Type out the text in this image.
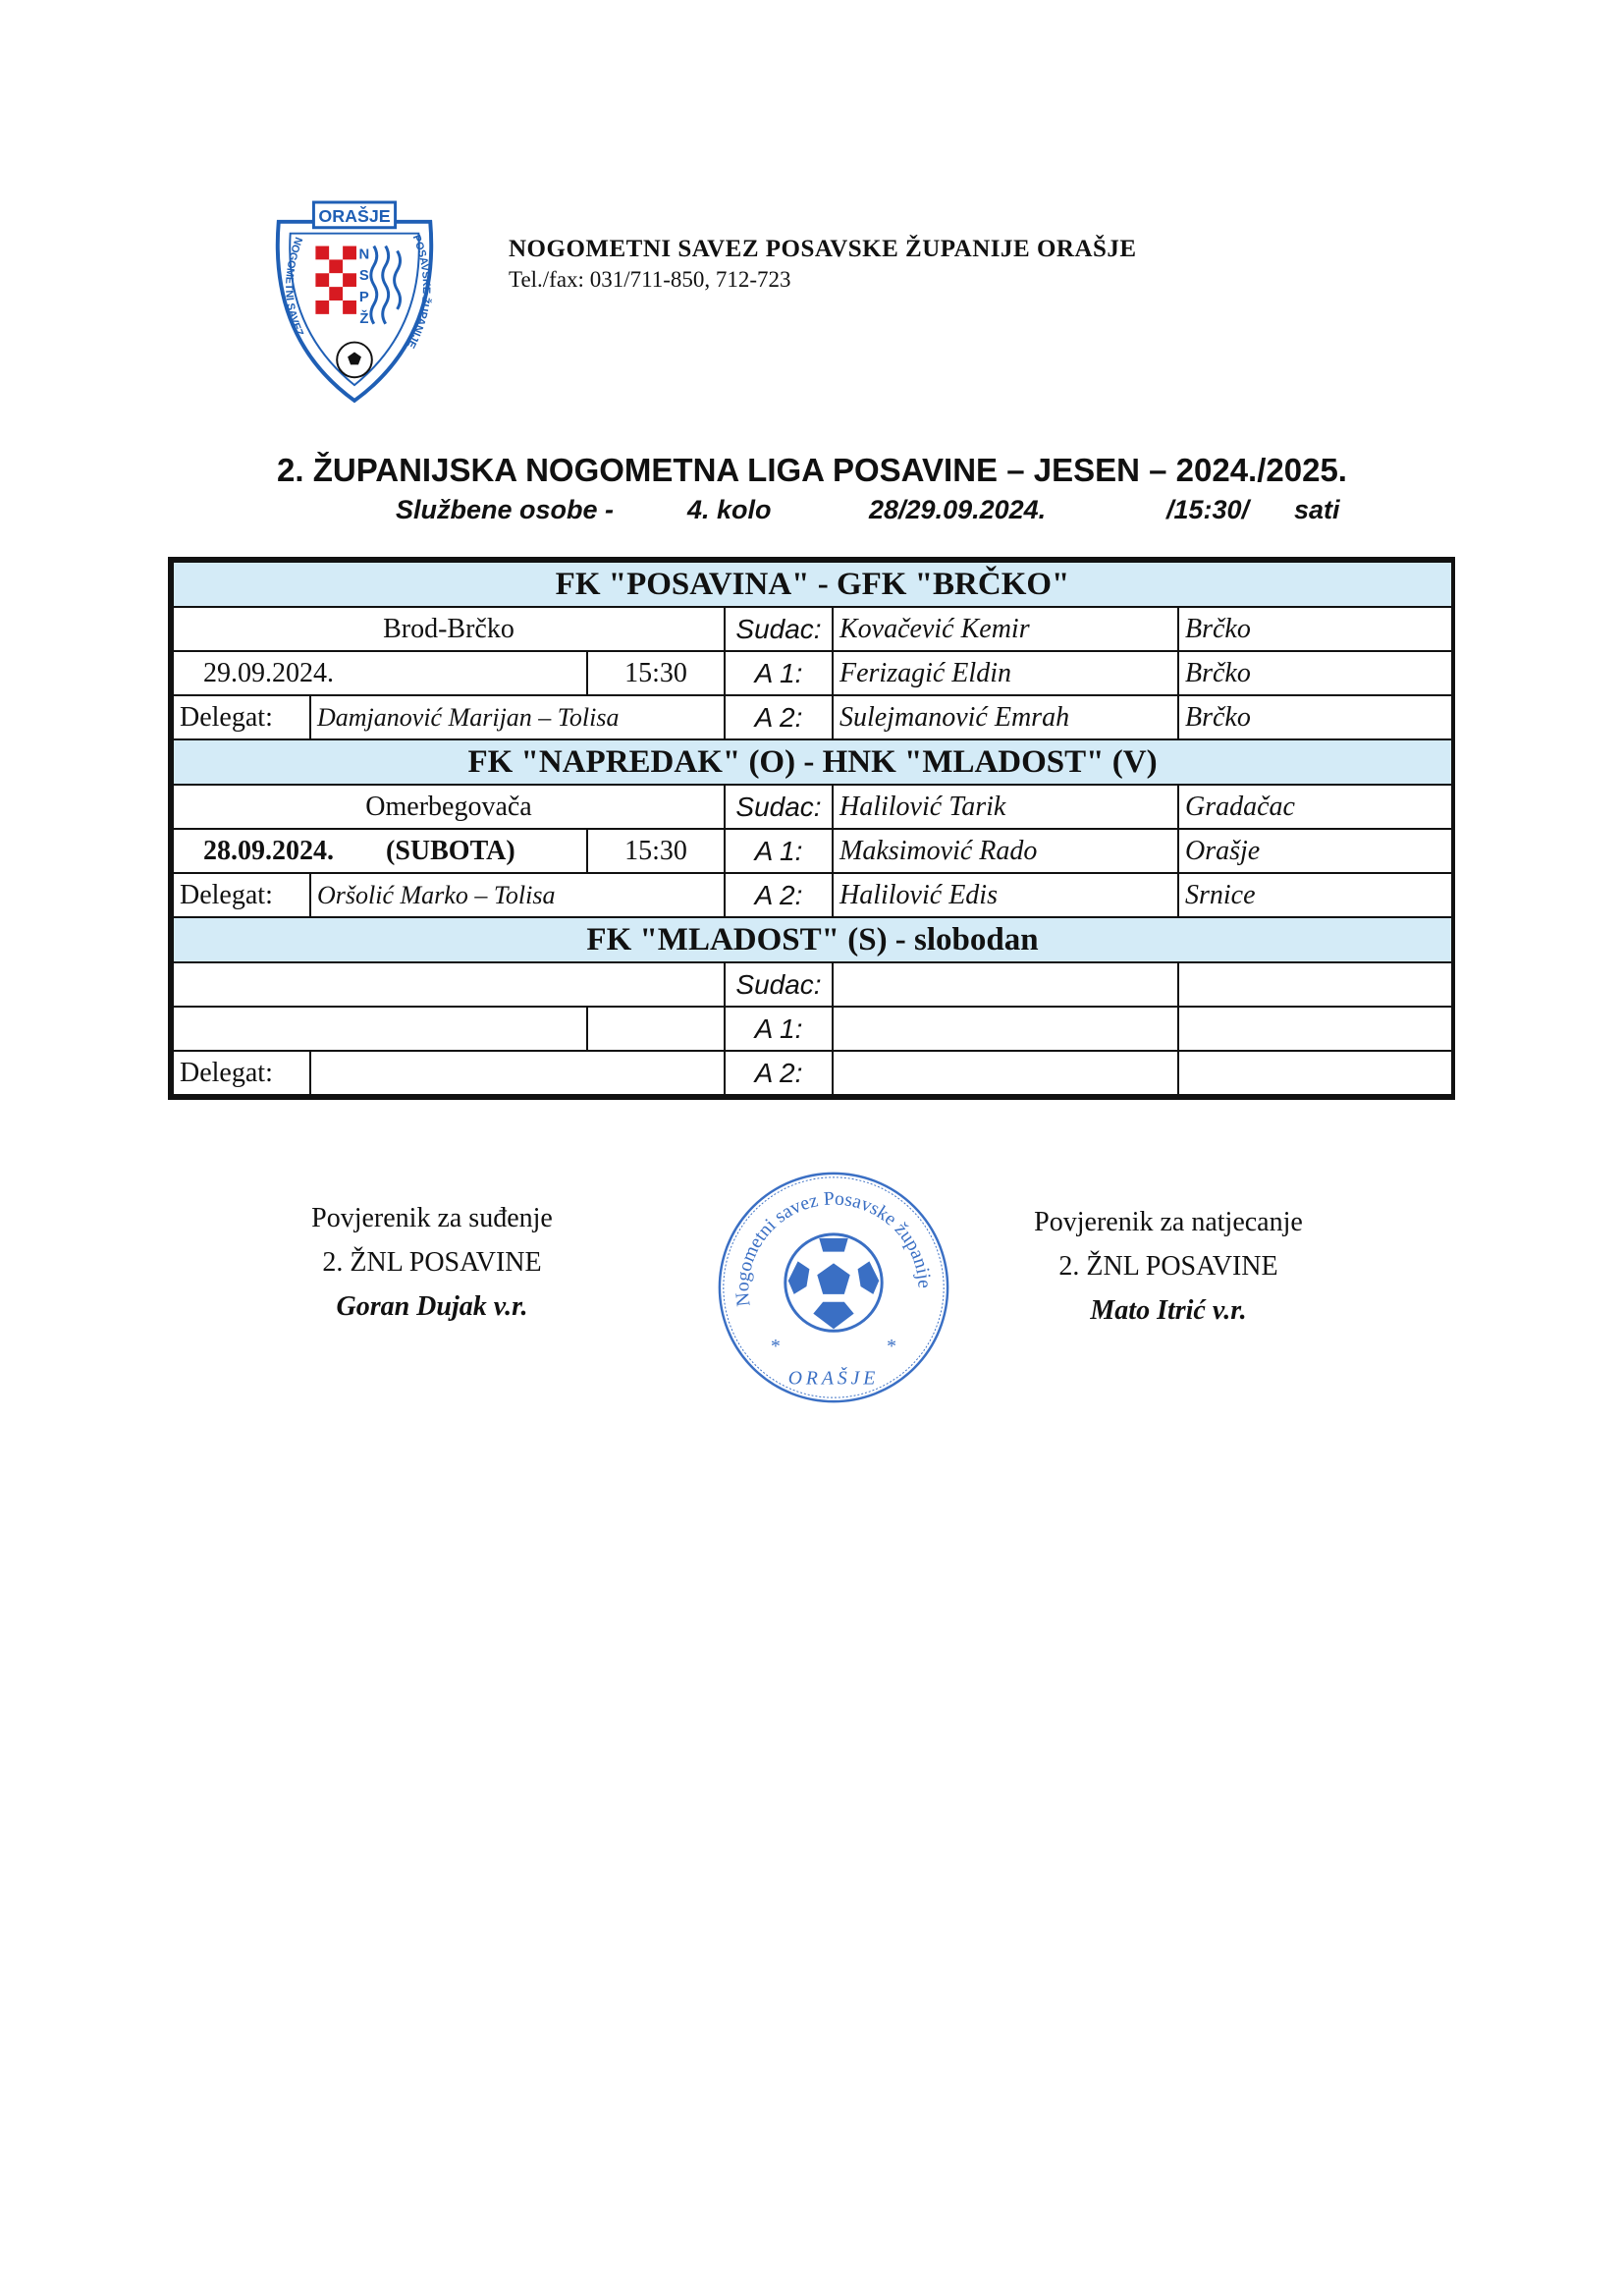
ORAŠJE
NOGOMETNI SAVEZ
POSAVSKE ŽUPANIJE
N
S
P
Ž
NOGOMETNI SAVEZ POSAVSKE ŽUPANIJE ORAŠJE
Tel./fax: 031/711-850, 712-723
2. ŽUPANIJSKA NOGOMETNA LIGA POSAVINE – JESEN – 2024./2025.
Službene osobe -	4. kolo	28/29.09.2024.	/15:30/ sati
FK "POSAVINA" - GFK "BRČKO"					
Brod-Brčko			Sudac:	Kovačević Kemir	Brčko
29.09.2024.		15:30	A 1:	Ferizagić Eldin	Brčko
Delegat:	Damjanović Marijan – Tolisa		A 2:	Sulejmanović Emrah	Brčko
FK "NAPREDAK" (O) - HNK "MLADOST" (V)					
Omerbegovača			Sudac:	Halilović Tarik	Gradačac
28.09.2024. (SUBOTA)		15:30	A 1:	Maksimović Rado	Orašje
Delegat:	Oršolić Marko – Tolisa		A 2:	Halilović Edis	Srnice
FK "MLADOST" (S) - slobodan					
			Sudac:		
			A 1:		
Delegat:			A 2:		
Povjerenik za suđenje
2. ŽNL POSAVINE
Goran Dujak v.r.	Nogometni savez Posavske županije
*	*
ORAŠJE
Povjerenik za natjecanje
2. ŽNL POSAVINE
Mato Itrić v.r.
